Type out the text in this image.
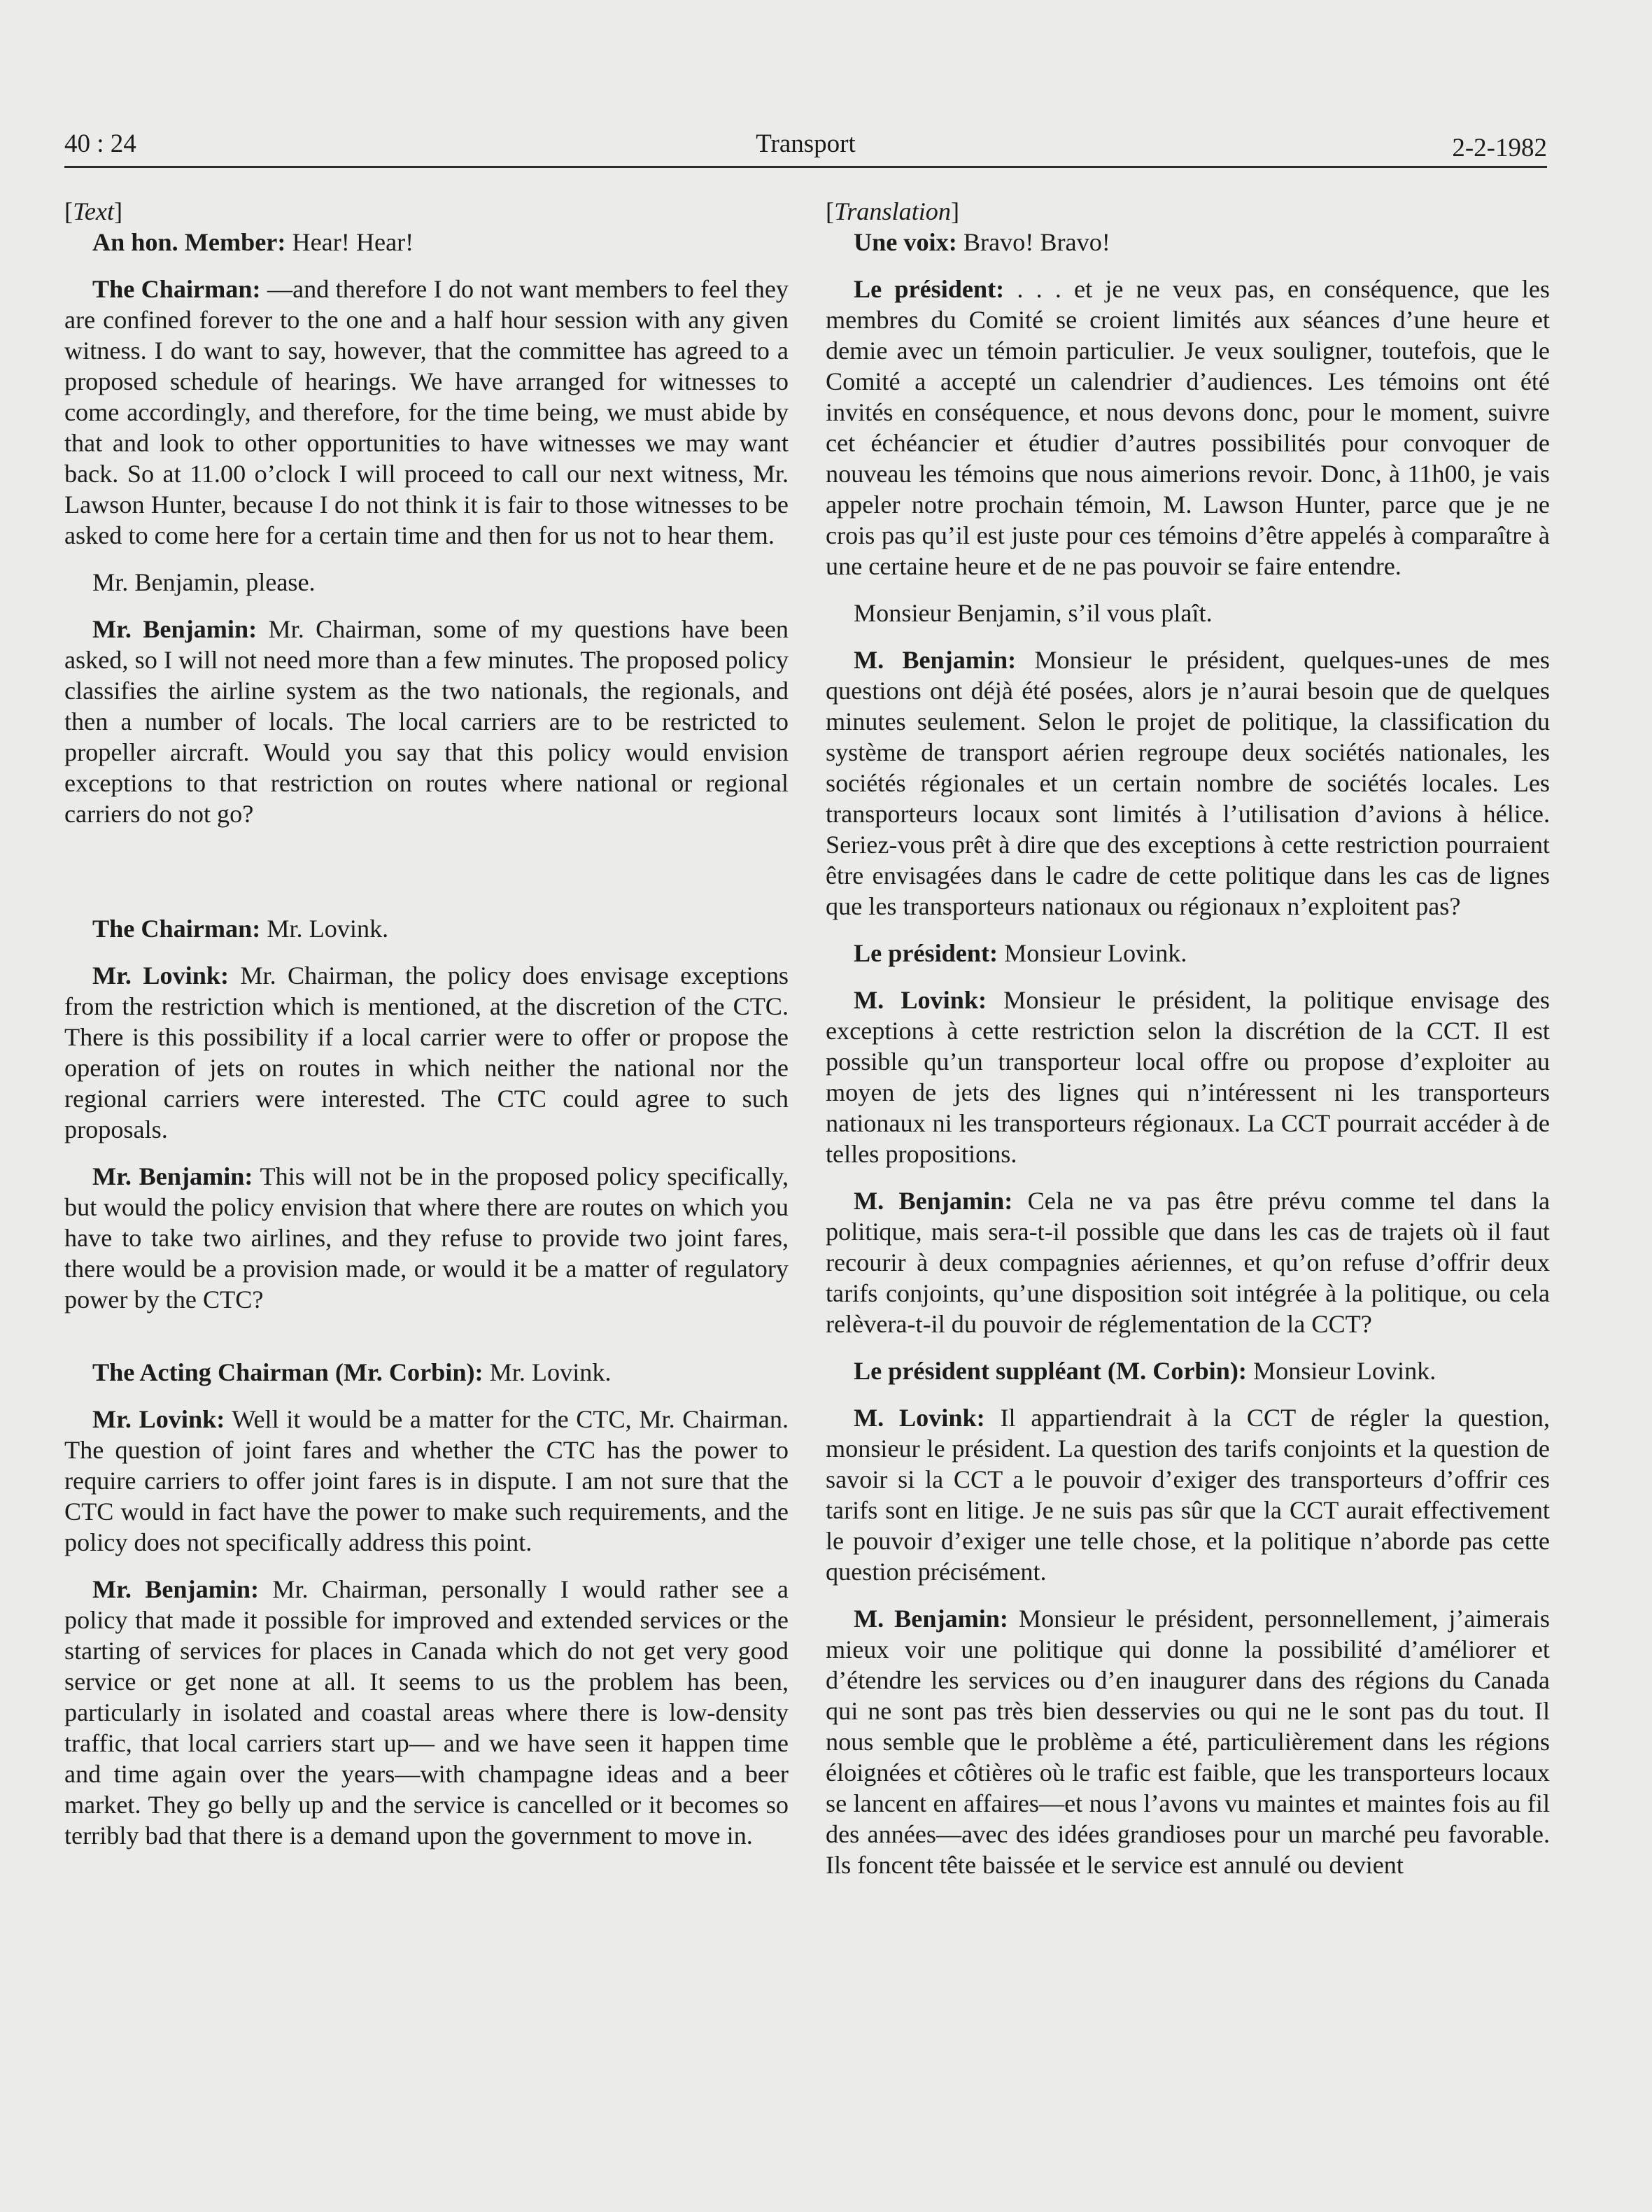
40 : 24	Transport	2-2-1982
[Text]

An hon. Member: Hear! Hear!

The Chairman: —and therefore I do not want members to feel they are confined forever to the one and a half hour session with any given witness. I do want to say, however, that the committee has agreed to a proposed schedule of hearings. We have arranged for witnesses to come accordingly, and therefore, for the time being, we must abide by that and look to other opportunities to have witnesses we may want back. So at 11.00 o’clock I will proceed to call our next witness, Mr. Lawson Hunter, because I do not think it is fair to those witnesses to be asked to come here for a certain time and then for us not to hear them.

Mr. Benjamin, please.

Mr. Benjamin: Mr. Chairman, some of my questions have been asked, so I will not need more than a few minutes. The proposed policy classifies the airline system as the two nationals, the regionals, and then a number of locals. The local carriers are to be restricted to propeller aircraft. Would you say that this policy would envision exceptions to that restriction on routes where national or regional carriers do not go?

The Chairman: Mr. Lovink.

Mr. Lovink: Mr. Chairman, the policy does envisage exceptions from the restriction which is mentioned, at the discretion of the CTC. There is this possibility if a local carrier were to offer or propose the operation of jets on routes in which neither the national nor the regional carriers were interested. The CTC could agree to such proposals.

Mr. Benjamin: This will not be in the proposed policy specifically, but would the policy envision that where there are routes on which you have to take two airlines, and they refuse to provide two joint fares, there would be a provision made, or would it be a matter of regulatory power by the CTC?

The Acting Chairman (Mr. Corbin): Mr. Lovink.

Mr. Lovink: Well it would be a matter for the CTC, Mr. Chairman. The question of joint fares and whether the CTC has the power to require carriers to offer joint fares is in dispute. I am not sure that the CTC would in fact have the power to make such requirements, and the policy does not specifically address this point.

Mr. Benjamin: Mr. Chairman, personally I would rather see a policy that made it possible for improved and extended services or the starting of services for places in Canada which do not get very good service or get none at all. It seems to us the problem has been, particularly in isolated and coastal areas where there is low-density traffic, that local carriers start up— and we have seen it happen time and time again over the years—with champagne ideas and a beer market. They go belly up and the service is cancelled or it becomes so terribly bad that there is a demand upon the government to move in.

[Translation]

Une voix: Bravo! Bravo!

Le président: . . . et je ne veux pas, en conséquence, que les membres du Comité se croient limités aux séances d’une heure et demie avec un témoin particulier. Je veux souligner, toutefois, que le Comité a accepté un calendrier d’audiences. Les témoins ont été invités en conséquence, et nous devons donc, pour le moment, suivre cet échéancier et étudier d’autres possibilités pour convoquer de nouveau les témoins que nous aimerions revoir. Donc, à 11h00, je vais appeler notre prochain témoin, M. Lawson Hunter, parce que je ne crois pas qu’il est juste pour ces témoins d’être appelés à comparaître à une certaine heure et de ne pas pouvoir se faire entendre.

Monsieur Benjamin, s’il vous plaît.

M. Benjamin: Monsieur le président, quelques-unes de mes questions ont déjà été posées, alors je n’aurai besoin que de quelques minutes seulement. Selon le projet de politique, la classification du système de transport aérien regroupe deux sociétés nationales, les sociétés régionales et un certain nombre de sociétés locales. Les transporteurs locaux sont limités à l’utilisation d’avions à hélice. Seriez-vous prêt à dire que des exceptions à cette restriction pourraient être envisagées dans le cadre de cette politique dans les cas de lignes que les transporteurs nationaux ou régionaux n’exploitent pas?

Le président: Monsieur Lovink.

M. Lovink: Monsieur le président, la politique envisage des exceptions à cette restriction selon la discrétion de la CCT. Il est possible qu’un transporteur local offre ou propose d’exploiter au moyen de jets des lignes qui n’intéressent ni les transporteurs nationaux ni les transporteurs régionaux. La CCT pourrait accéder à de telles propositions.

M. Benjamin: Cela ne va pas être prévu comme tel dans la politique, mais sera-t-il possible que dans les cas de trajets où il faut recourir à deux compagnies aériennes, et qu’on refuse d’offrir deux tarifs conjoints, qu’une disposition soit intégrée à la politique, ou cela relèvera-t-il du pouvoir de réglementation de la CCT?

Le président suppléant (M. Corbin): Monsieur Lovink.

M. Lovink: Il appartiendrait à la CCT de régler la question, monsieur le président. La question des tarifs conjoints et la question de savoir si la CCT a le pouvoir d’exiger des transporteurs d’offrir ces tarifs sont en litige. Je ne suis pas sûr que la CCT aurait effectivement le pouvoir d’exiger une telle chose, et la politique n’aborde pas cette question précisément.

M. Benjamin: Monsieur le président, personnellement, j’aimerais mieux voir une politique qui donne la possibilité d’améliorer et d’étendre les services ou d’en inaugurer dans des régions du Canada qui ne sont pas très bien desservies ou qui ne le sont pas du tout. Il nous semble que le problème a été, particulièrement dans les régions éloignées et côtières où le trafic est faible, que les transporteurs locaux se lancent en affaires—et nous l’avons vu maintes et maintes fois au fil des années—avec des idées grandioses pour un marché peu favorable. Ils foncent tête baissée et le service est annulé ou devient
